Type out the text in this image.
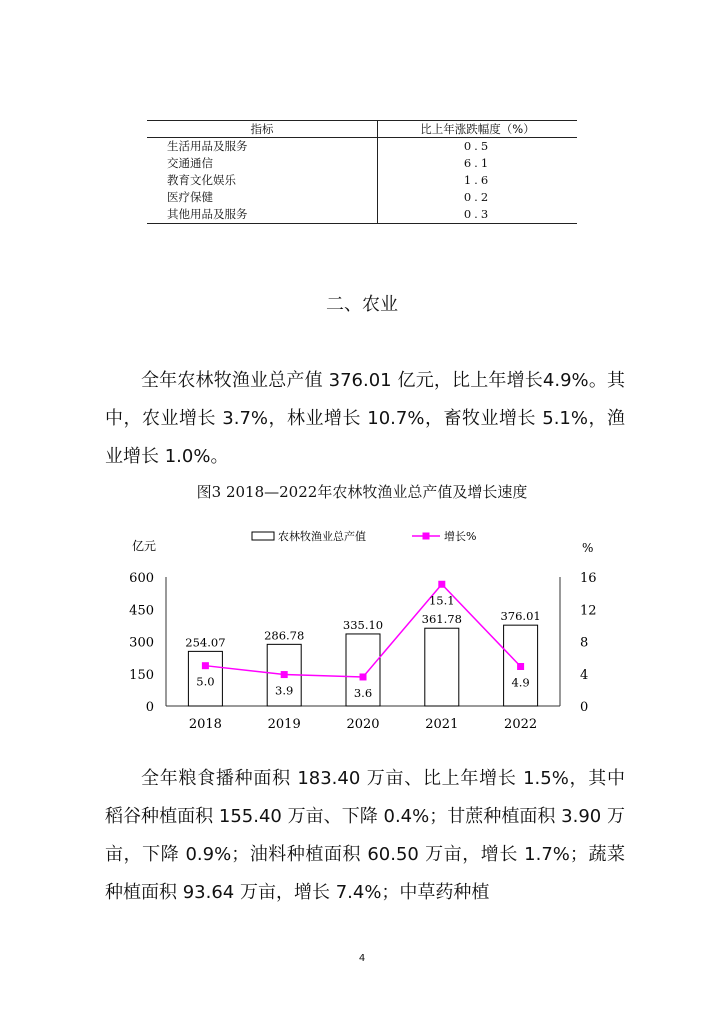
指标	比上年涨跌幅度（%）
生活用品及服务	0.5
交通通信	6.1
教育文化娱乐	1.6
医疗保健	0.2
其他用品及服务	0.3
二、农业

全年农林牧渔业总产值 376.01 亿元，比上年增长4.9%。其中，农业增长 3.7%，林业增长 10.7%，畜牧业增长 5.1%，渔业增长 1.0%。

图3 2018—2022年农林牧渔业总产值及增长速度

农林牧渔业总产值	增长%
亿元	%
0
150
300
450
600
0
4
8
12
16
254.07
286.78
335.10	361.78	376.01
5.0
3.9	3.6
15.1
4.9
2018	2019	2020	2021	2022

全年粮食播种面积 183.40 万亩、比上年增长 1.5%，其中稻谷种植面积 155.40 万亩、下降 0.4%；甘蔗种植面积 3.90 万亩，下降 0.9%；油料种植面积 60.50 万亩，增长 1.7%；蔬菜种植面积 93.64 万亩，增长 7.4%；中草药种植

4
